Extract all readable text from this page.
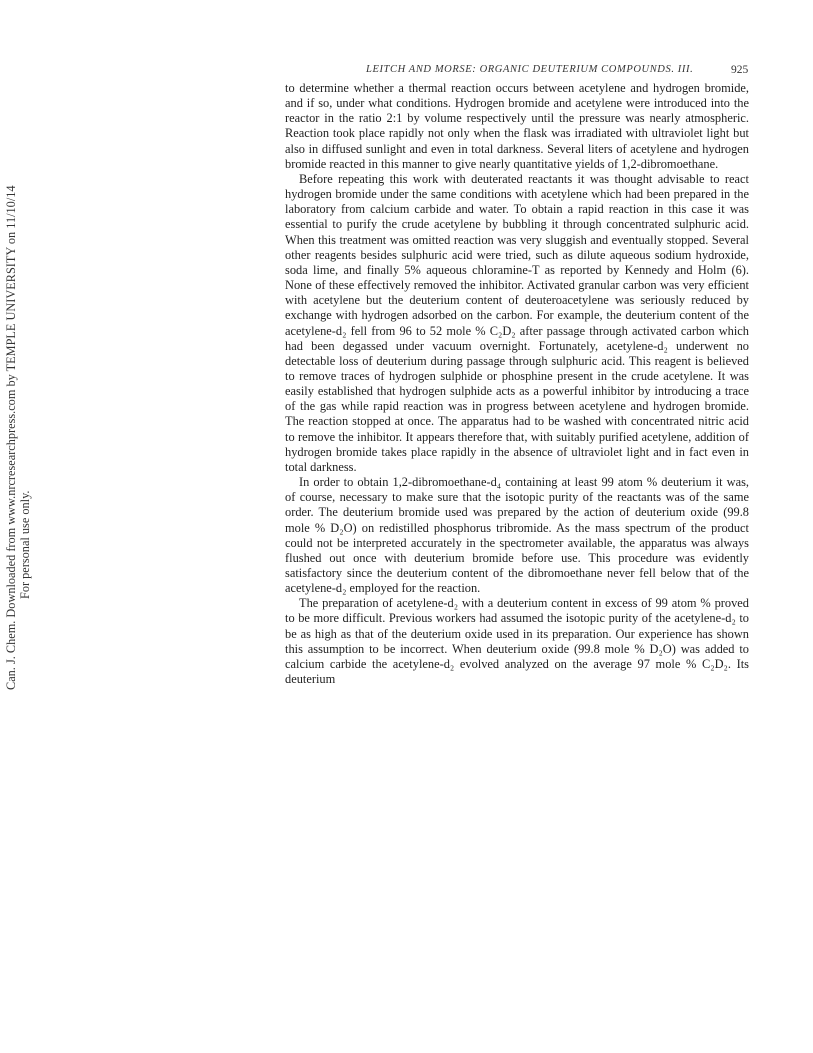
LEITCH AND MORSE: ORGANIC DEUTERIUM COMPOUNDS. III.	925
Can. J. Chem. Downloaded from www.nrcresearchpress.com by TEMPLE UNIVERSITY on 11/10/14 For personal use only.

to determine whether a thermal reaction occurs between acetylene and hydrogen bromide, and if so, under what conditions. Hydrogen bromide and acetylene were introduced into the reactor in the ratio 2:1 by volume respectively until the pressure was nearly atmospheric. Reaction took place rapidly not only when the flask was irradiated with ultraviolet light but also in diffused sunlight and even in total darkness. Several liters of acetylene and hydrogen bromide reacted in this manner to give nearly quantitative yields of 1,2-dibromoethane.

Before repeating this work with deuterated reactants it was thought advisable to react hydrogen bromide under the same conditions with acetylene which had been prepared in the laboratory from calcium carbide and water. To obtain a rapid reaction in this case it was essential to purify the crude acetylene by bubbling it through concentrated sulphuric acid. When this treatment was omitted reaction was very sluggish and eventually stopped. Several other reagents besides sulphuric acid were tried, such as dilute aqueous sodium hydroxide, soda lime, and finally 5% aqueous chloramine-T as reported by Kennedy and Holm (6). None of these effectively removed the inhibitor. Activated granular carbon was very efficient with acetylene but the deuterium content of deuteroacetylene was seriously reduced by exchange with hydrogen adsorbed on the carbon. For example, the deuterium content of the acetylene-d₂ fell from 96 to 52 mole % C₂D₂ after passage through activated carbon which had been degassed under vacuum overnight. Fortunately, acetylene-d₂ underwent no detectable loss of deuterium during passage through sulphuric acid. This reagent is believed to remove traces of hydrogen sulphide or phosphine present in the crude acetylene. It was easily established that hydrogen sulphide acts as a powerful inhibitor by introducing a trace of the gas while rapid reaction was in progress between acetylene and hydrogen bromide. The reaction stopped at once. The apparatus had to be washed with concentrated nitric acid to remove the inhibitor. It appears therefore that, with suitably purified acetylene, addition of hydrogen bromide takes place rapidly in the absence of ultraviolet light and in fact even in total darkness.

In order to obtain 1,2-dibromoethane-d₄ containing at least 99 atom % deuterium it was, of course, necessary to make sure that the isotopic purity of the reactants was of the same order. The deuterium bromide used was prepared by the action of deuterium oxide (99.8 mole % D₂O) on redistilled phosphorus tribromide. As the mass spectrum of the product could not be interpreted accurately in the spectrometer available, the apparatus was always flushed out once with deuterium bromide before use. This procedure was evidently satisfactory since the deuterium content of the dibromoethane never fell below that of the acetylene-d₂ employed for the reaction.

The preparation of acetylene-d₂ with a deuterium content in excess of 99 atom % proved to be more difficult. Previous workers had assumed the isotopic purity of the acetylene-d₂ to be as high as that of the deuterium oxide used in its preparation. Our experience has shown this assumption to be incorrect. When deuterium oxide (99.8 mole % D₂O) was added to calcium carbide the acetylene-d₂ evolved analyzed on the average 97 mole % C₂D₂. Its deuterium
